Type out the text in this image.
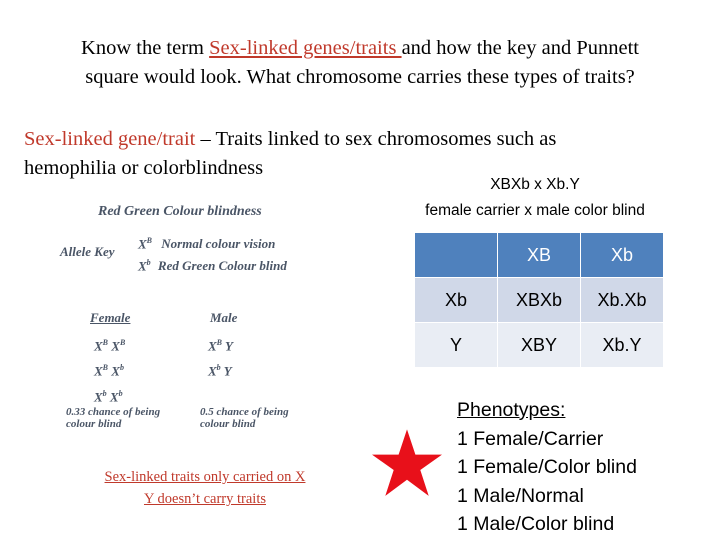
Know the term Sex-linked genes/traits and how the key and Punnett
square would look. What chromosome carries these types of traits?
Sex-linked gene/trait – Traits linked to sex chromosomes such as
hemophilia or colorblindness
XBXb x Xb.Y
female carrier x male color blind
Red Green Colour blindness
Allele Key
$X^B$ Normal colour vision
$X^b$ Red Green Colour blind
Female	Male
$X^B$ $X^B$
$X^B$ $X^b$
$X^b$ $X^b$
$X^B$ Y
$X^b$ Y
0.33 chance of being colour blind
0.5 chance of being colour blind
Sex-linked traits only carried on X
Y doesn’t carry traits
	XB	Xb
Xb	XBXb	Xb.Xb
Y	XBY	Xb.Y
Phenotypes:
1 Female/Carrier
1 Female/Color blind
1 Male/Normal
1 Male/Color blind
